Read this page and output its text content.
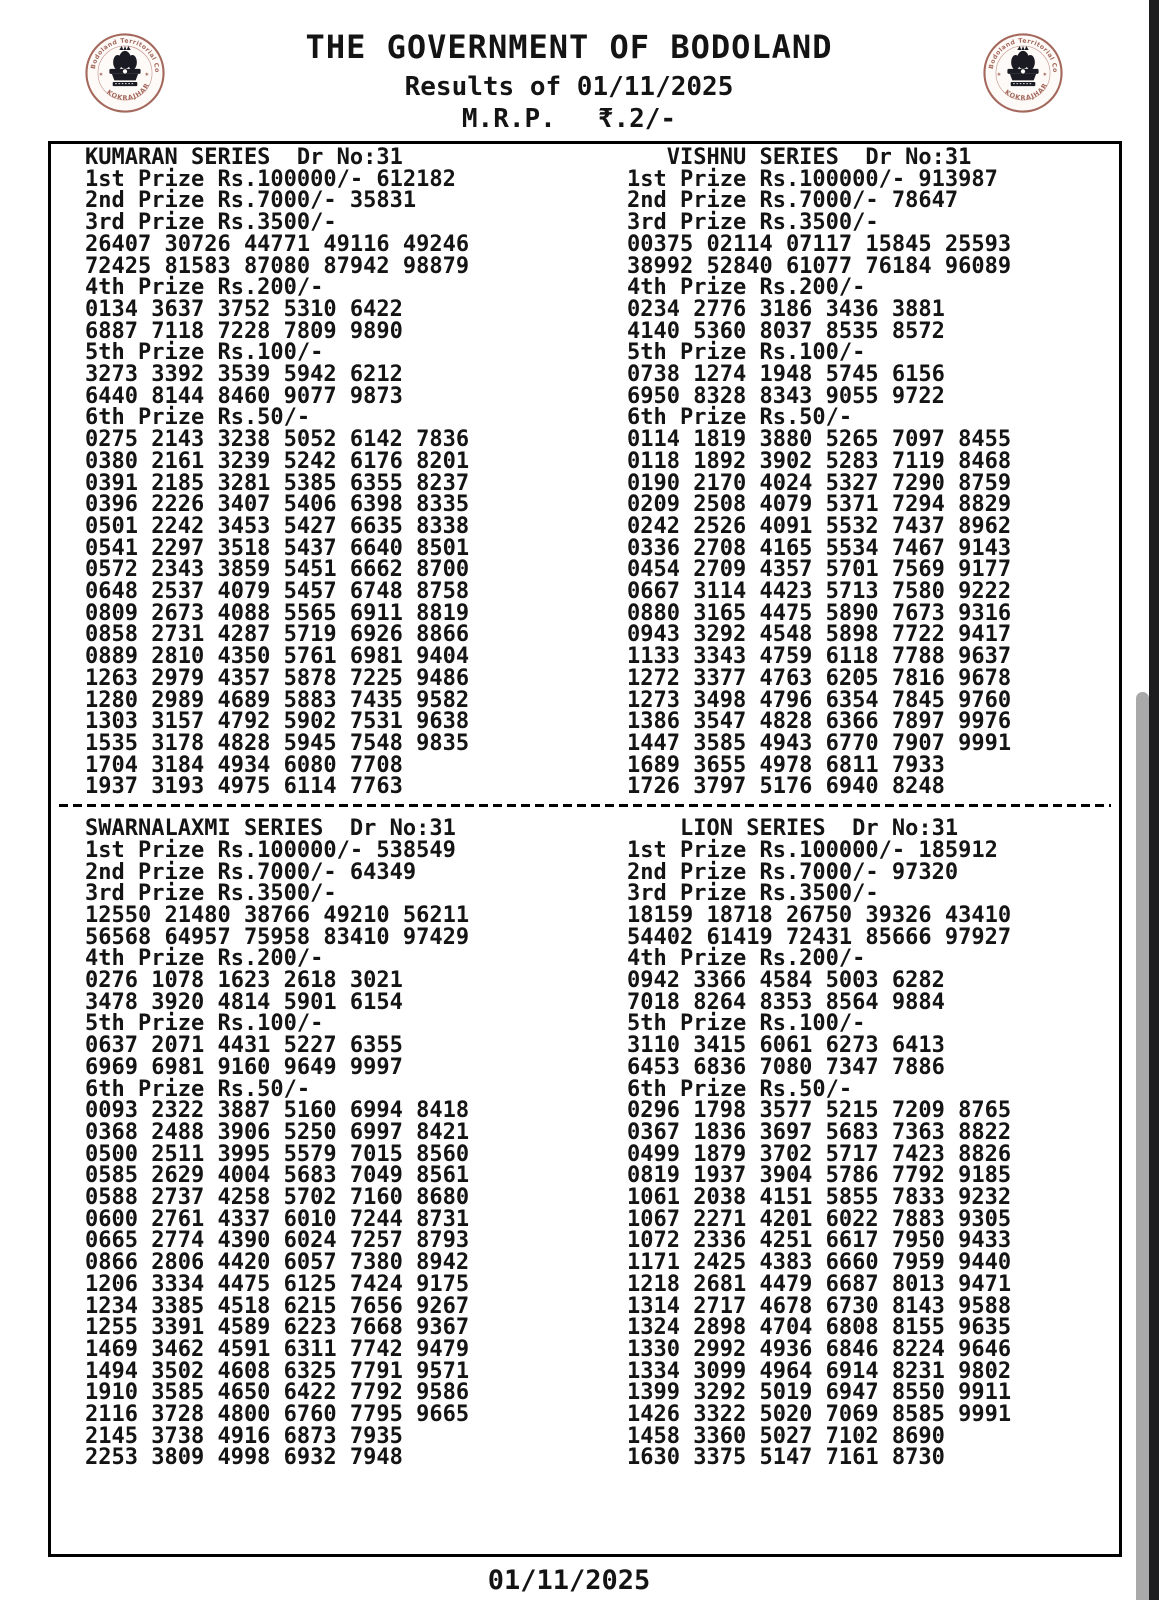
THE GOVERNMENT OF BODOLAND
Results of 01/11/2025
M.R.P. ₹.2/-
KUMARAN SERIES  Dr No:31
1st Prize Rs.100000/- 612182
2nd Prize Rs.7000/- 35831
3rd Prize Rs.3500/-
26407 30726 44771 49116 49246
72425 81583 87080 87942 98879
4th Prize Rs.200/-
0134 3637 3752 5310 6422
6887 7118 7228 7809 9890
5th Prize Rs.100/-
3273 3392 3539 5942 6212
6440 8144 8460 9077 9873
6th Prize Rs.50/-
0275 2143 3238 5052 6142 7836
0380 2161 3239 5242 6176 8201
0391 2185 3281 5385 6355 8237
0396 2226 3407 5406 6398 8335
0501 2242 3453 5427 6635 8338
0541 2297 3518 5437 6640 8501
0572 2343 3859 5451 6662 8700
0648 2537 4079 5457 6748 8758
0809 2673 4088 5565 6911 8819
0858 2731 4287 5719 6926 8866
0889 2810 4350 5761 6981 9404
1263 2979 4357 5878 7225 9486
1280 2989 4689 5883 7435 9582
1303 3157 4792 5902 7531 9638
1535 3178 4828 5945 7548 9835
1704 3184 4934 6080 7708
1937 3193 4975 6114 7763
VISHNU SERIES  Dr No:31
1st Prize Rs.100000/- 913987
2nd Prize Rs.7000/- 78647
3rd Prize Rs.3500/-
00375 02114 07117 15845 25593
38992 52840 61077 76184 96089
4th Prize Rs.200/-
0234 2776 3186 3436 3881
4140 5360 8037 8535 8572
5th Prize Rs.100/-
0738 1274 1948 5745 6156
6950 8328 8343 9055 9722
6th Prize Rs.50/-
0114 1819 3880 5265 7097 8455
0118 1892 3902 5283 7119 8468
0190 2170 4024 5327 7290 8759
0209 2508 4079 5371 7294 8829
0242 2526 4091 5532 7437 8962
0336 2708 4165 5534 7467 9143
0454 2709 4357 5701 7569 9177
0667 3114 4423 5713 7580 9222
0880 3165 4475 5890 7673 9316
0943 3292 4548 5898 7722 9417
1133 3343 4759 6118 7788 9637
1272 3377 4763 6205 7816 9678
1273 3498 4796 6354 7845 9760
1386 3547 4828 6366 7897 9976
1447 3585 4943 6770 7907 9991
1689 3655 4978 6811 7933
1726 3797 5176 6940 8248
SWARNALAXMI SERIES  Dr No:31
1st Prize Rs.100000/- 538549
2nd Prize Rs.7000/- 64349
3rd Prize Rs.3500/-
12550 21480 38766 49210 56211
56568 64957 75958 83410 97429
4th Prize Rs.200/-
0276 1078 1623 2618 3021
3478 3920 4814 5901 6154
5th Prize Rs.100/-
0637 2071 4431 5227 6355
6969 6981 9160 9649 9997
6th Prize Rs.50/-
0093 2322 3887 5160 6994 8418
0368 2488 3906 5250 6997 8421
0500 2511 3995 5579 7015 8560
0585 2629 4004 5683 7049 8561
0588 2737 4258 5702 7160 8680
0600 2761 4337 6010 7244 8731
0665 2774 4390 6024 7257 8793
0866 2806 4420 6057 7380 8942
1206 3334 4475 6125 7424 9175
1234 3385 4518 6215 7656 9267
1255 3391 4589 6223 7668 9367
1469 3462 4591 6311 7742 9479
1494 3502 4608 6325 7791 9571
1910 3585 4650 6422 7792 9586
2116 3728 4800 6760 7795 9665
2145 3738 4916 6873 7935
2253 3809 4998 6932 7948
LION SERIES  Dr No:31
1st Prize Rs.100000/- 185912
2nd Prize Rs.7000/- 97320
3rd Prize Rs.3500/-
18159 18718 26750 39326 43410
54402 61419 72431 85666 97927
4th Prize Rs.200/-
0942 3366 4584 5003 6282
7018 8264 8353 8564 9884
5th Prize Rs.100/-
3110 3415 6061 6273 6413
6453 6836 7080 7347 7886
6th Prize Rs.50/-
0296 1798 3577 5215 7209 8765
0367 1836 3697 5683 7363 8822
0499 1879 3702 5717 7423 8826
0819 1937 3904 5786 7792 9185
1061 2038 4151 5855 7833 9232
1067 2271 4201 6022 7883 9305
1072 2336 4251 6617 7950 9433
1171 2425 4383 6660 7959 9440
1218 2681 4479 6687 8013 9471
1314 2717 4678 6730 8143 9588
1324 2898 4704 6808 8155 9635
1330 2992 4936 6846 8224 9646
1334 3099 4964 6914 8231 9802
1399 3292 5019 6947 8550 9911
1426 3322 5020 7069 8585 9991
1458 3360 5027 7102 8690
1630 3375 5147 7161 8730
01/11/2025
